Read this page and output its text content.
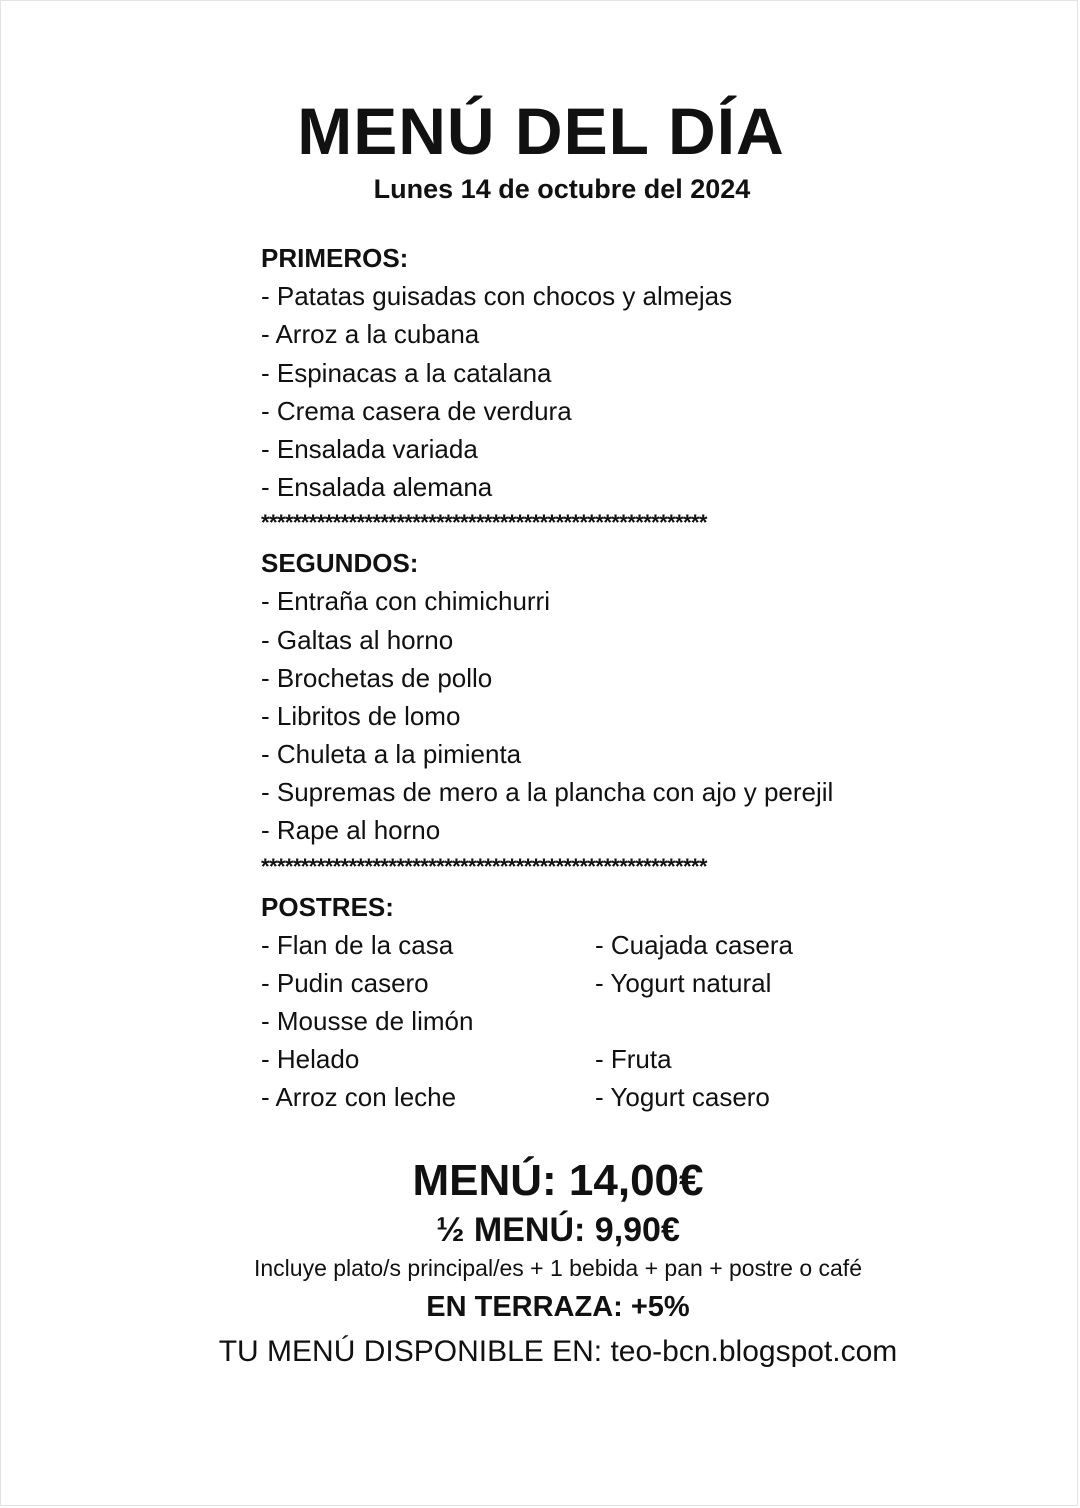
MENÚ DEL DÍA
Lunes 14 de octubre del 2024
PRIMEROS:
- Patatas guisadas con chocos y almejas
- Arroz a la cubana
- Espinacas a la catalana
- Crema casera de verdura
- Ensalada variada
- Ensalada alemana
********************************************************
SEGUNDOS:
- Entraña con chimichurri
- Galtas al horno
- Brochetas de pollo
- Libritos de lomo
- Chuleta a la pimienta
- Supremas de mero a la plancha con ajo y perejil
- Rape al horno
********************************************************
POSTRES:
- Flan de la casa
- Pudin casero
- Mousse de limón
- Helado
- Arroz con leche
- Cuajada casera
- Yogurt natural
- Fruta
- Yogurt casero
MENÚ: 14,00€
½ MENÚ: 9,90€
Incluye plato/s principal/es + 1 bebida + pan + postre o café
EN TERRAZA: +5%
TU MENÚ DISPONIBLE EN: teo-bcn.blogspot.com
